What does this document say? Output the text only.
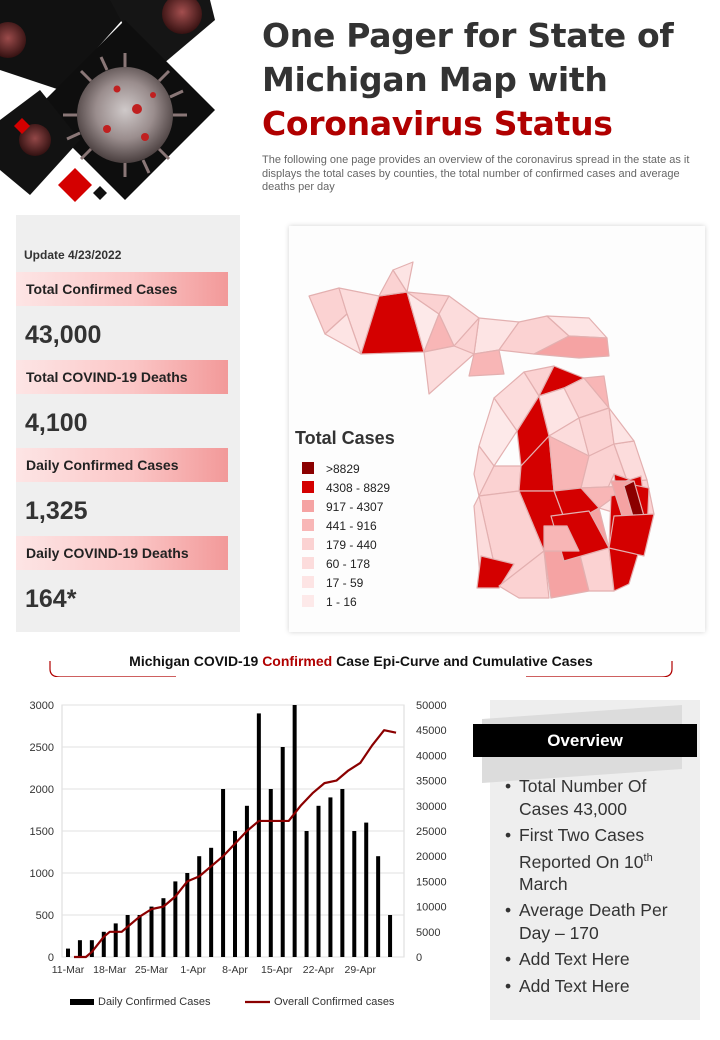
One Pager for State of
Michigan Map with
Coronavirus Status
The following one page provides an overview of the coronavirus spread in the state as it displays the total cases by counties, the total number of confirmed cases and average deaths per day
Update 4/23/2022
Total Confirmed Cases
43,000
Total COVIND-19 Deaths
4,100
Daily Confirmed Cases
1,325
Daily COVIND-19 Deaths
164*
Total Cases
>8829
4308 - 8829
917 - 4307
441 - 916
179 - 440
60 - 178
17 - 59
1 - 16
Michigan COVID-19 Confirmed Case Epi-Curve and Cumulative Cases
0
500
1000
1500
2000
2500
3000
0
5000
10000
15000
20000
25000
30000
35000
40000
45000
50000
11-Mar 18-Mar 25-Mar 1-Apr 8-Apr 15-Apr 22-Apr 29-Apr
Daily Confirmed Cases	Overall Confirmed cases
Overview
• Total Number Of Cases 43,000
• First Two Cases Reported On 10th March
• Average Death Per Day – 170
• Add Text Here
• Add Text Here
